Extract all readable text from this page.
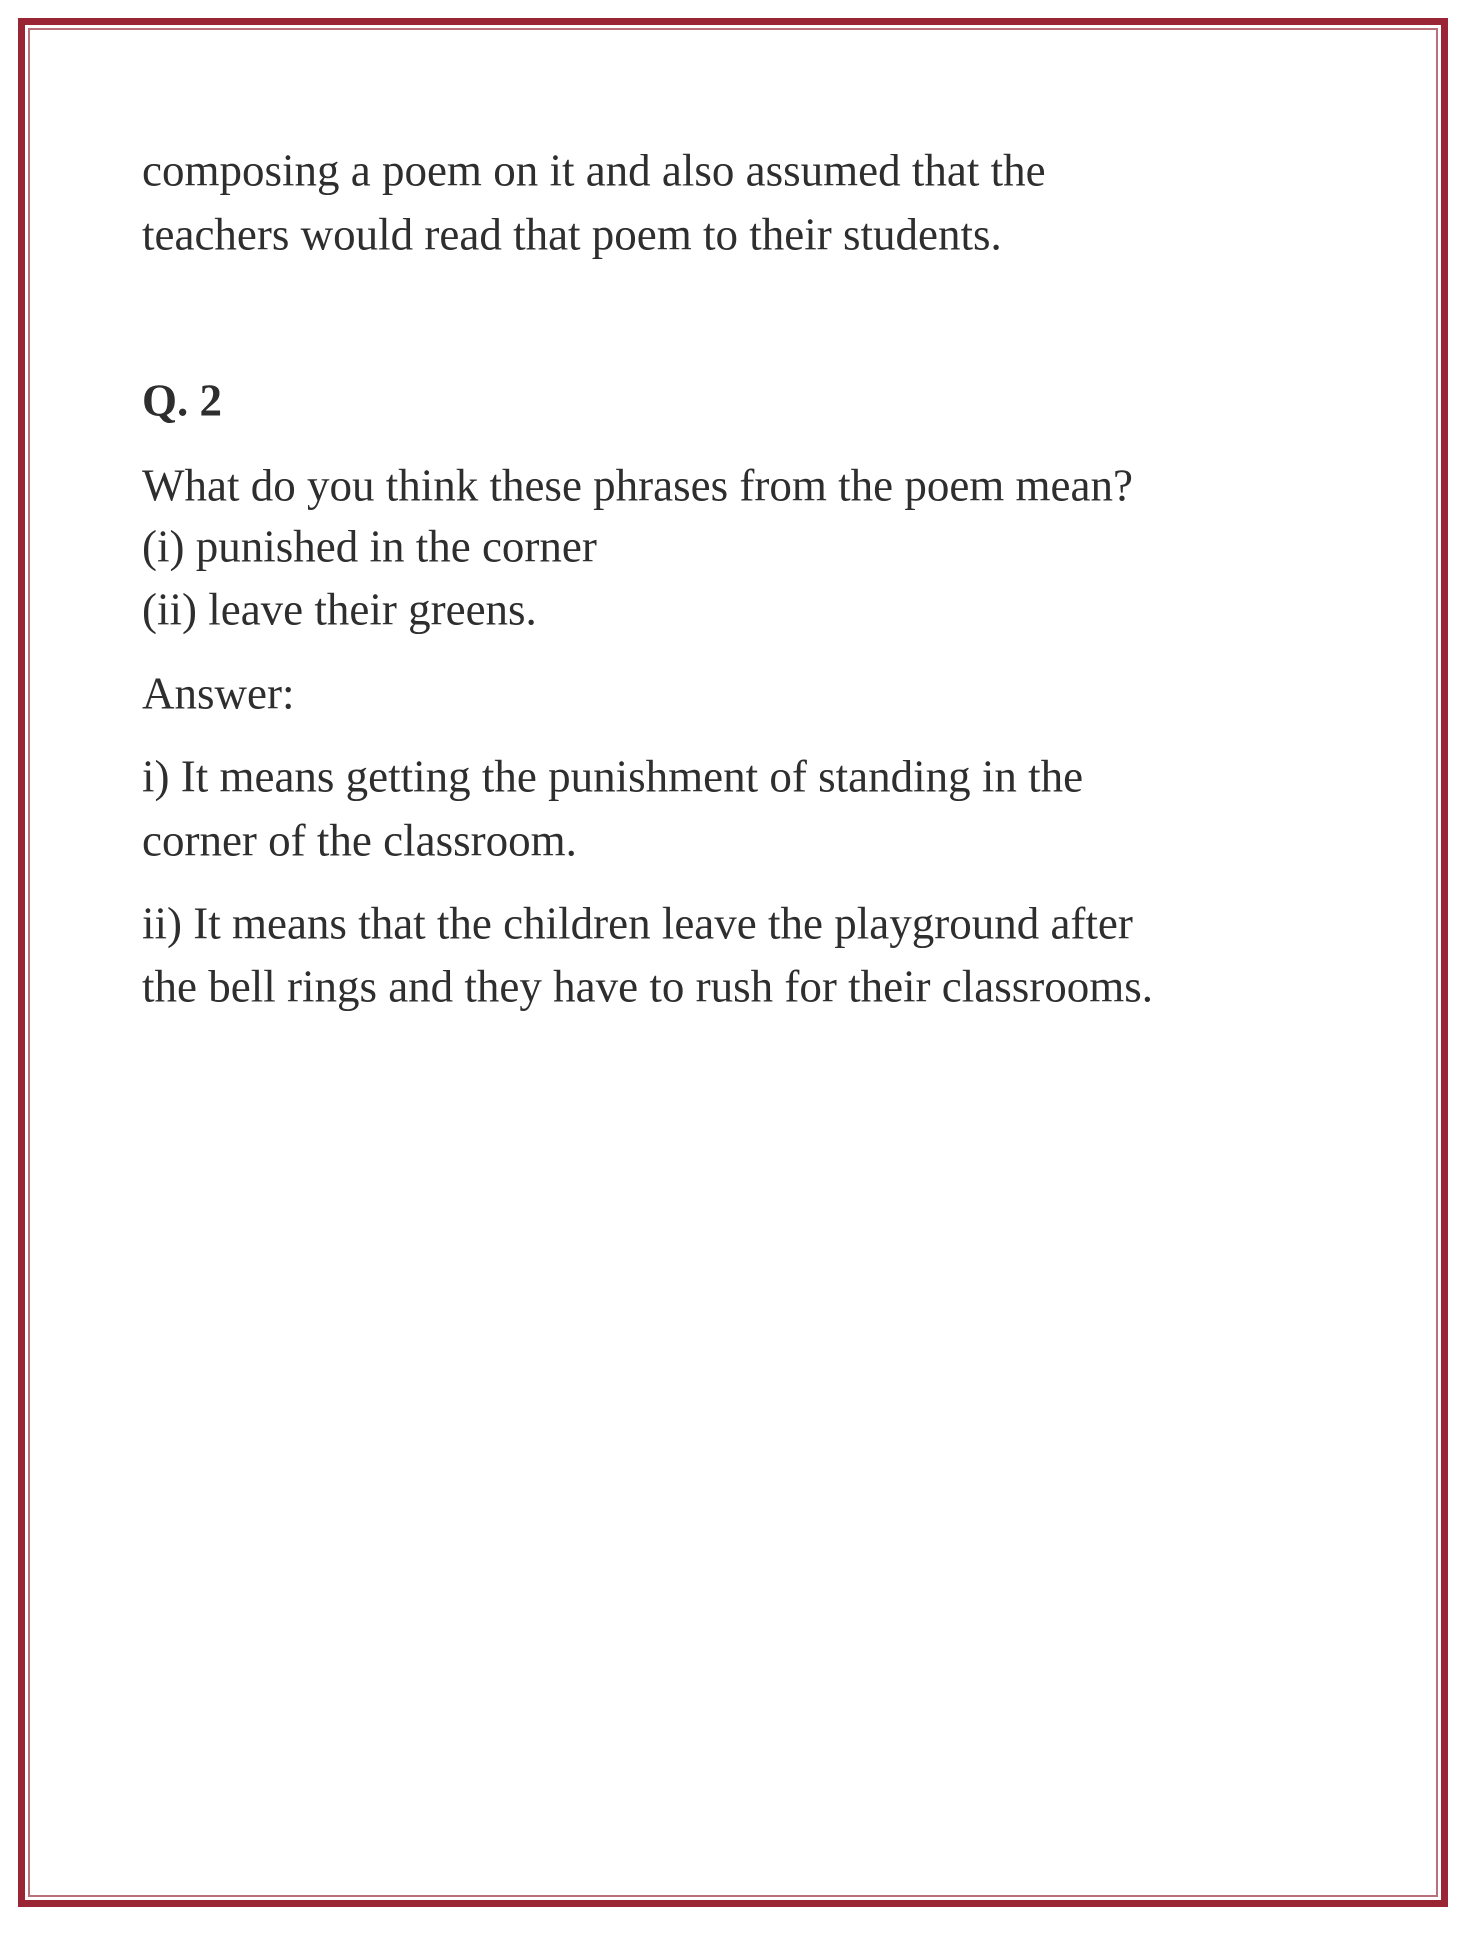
composing a poem on it and also assumed that the
teachers would read that poem to their students.
Q. 2
What do you think these phrases from the poem mean?
(i) punished in the corner
(ii) leave their greens.
Answer:
i) It means getting the punishment of standing in the
corner of the classroom.
ii) It means that the children leave the playground after
the bell rings and they have to rush for their classrooms.
